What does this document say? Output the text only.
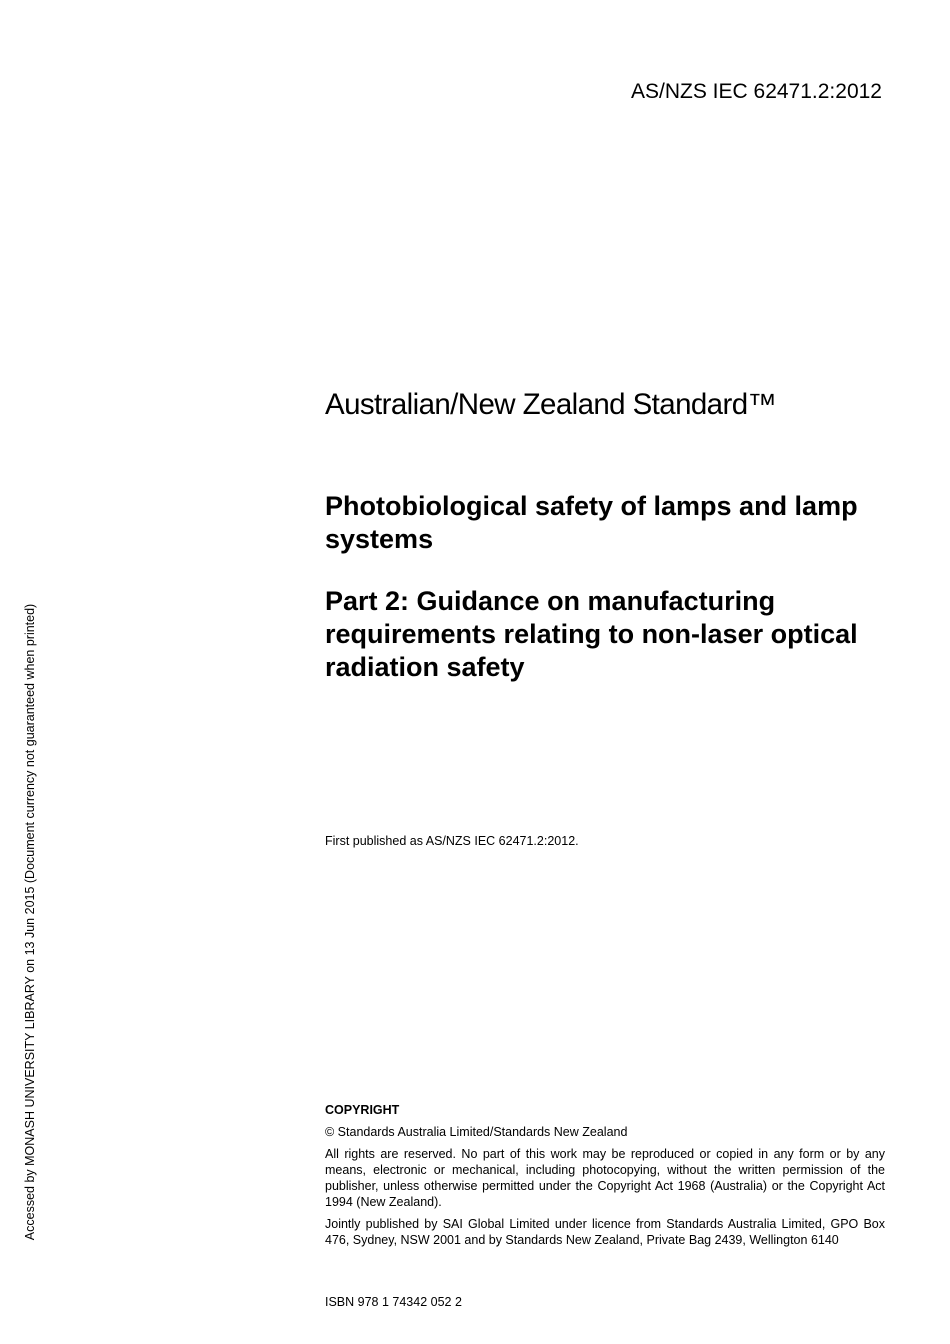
AS/NZS IEC 62471.2:2012
Accessed by MONASH UNIVERSITY LIBRARY on 13 Jun 2015 (Document currency not guaranteed when printed)
Australian/New Zealand Standard™
Photobiological safety of lamps and lamp systems
Part 2: Guidance on manufacturing requirements relating to non-laser optical radiation safety
First published as AS/NZS IEC 62471.2:2012.
COPYRIGHT
© Standards Australia Limited/Standards New Zealand
All rights are reserved. No part of this work may be reproduced or copied in any form or by any means, electronic or mechanical, including photocopying, without the written permission of the publisher, unless otherwise permitted under the Copyright Act 1968 (Australia) or the Copyright Act 1994 (New Zealand).
Jointly published by SAI Global Limited under licence from Standards Australia Limited, GPO Box 476, Sydney, NSW 2001 and by Standards New Zealand, Private Bag 2439, Wellington 6140
ISBN 978 1 74342 052 2
